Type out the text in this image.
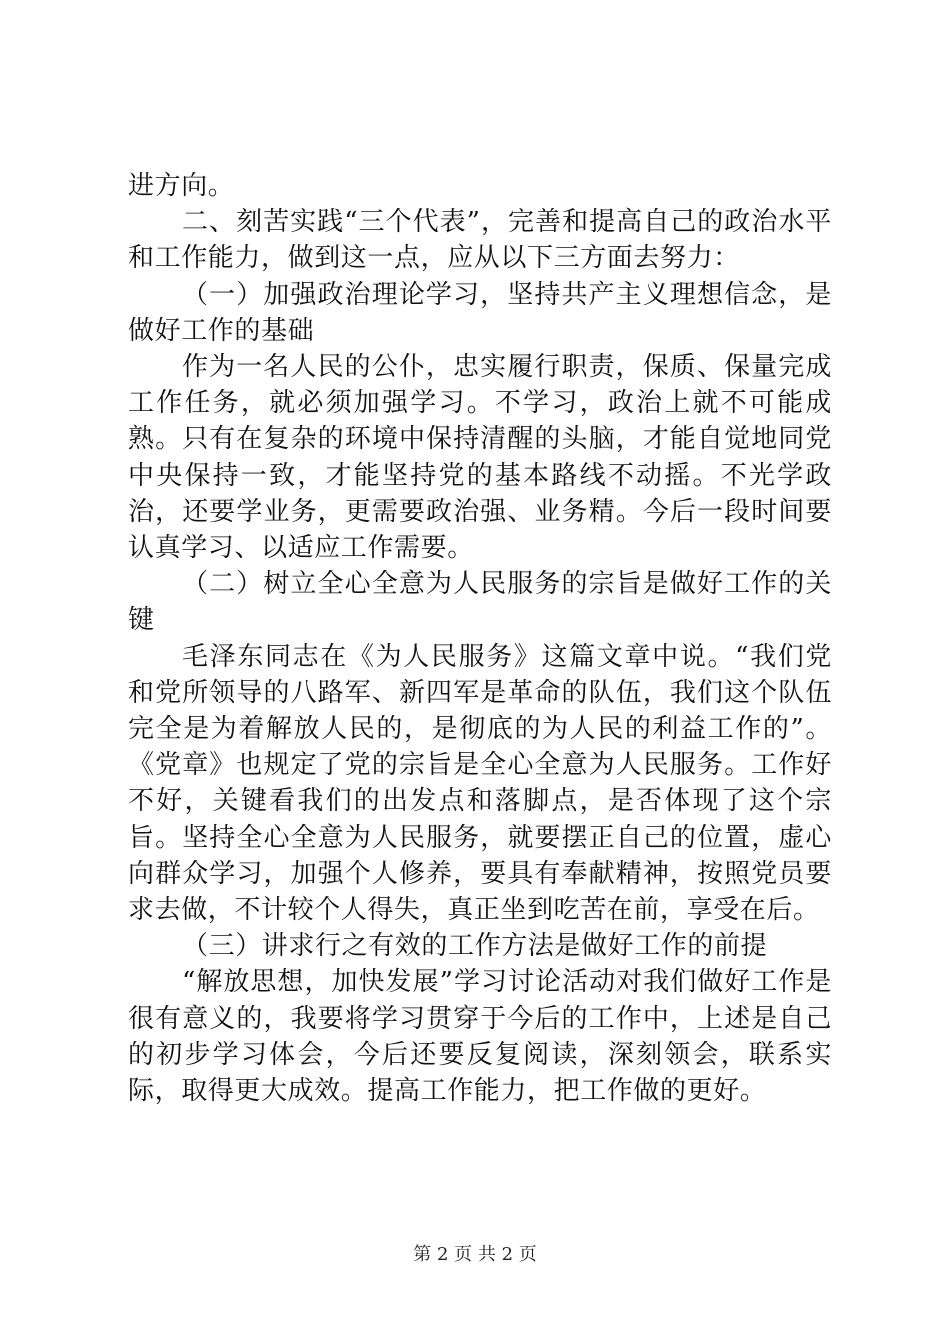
进方向。

二、刻苦实践“三个代表”，完善和提高自己的政治水平和工作能力，做到这一点，应从以下三方面去努力：

（一）加强政治理论学习，坚持共产主义理想信念，是做好工作的基础

作为一名人民的公仆，忠实履行职责，保质、保量完成工作任务，就必须加强学习。不学习，政治上就不可能成熟。只有在复杂的环境中保持清醒的头脑，才能自觉地同党中央保持一致，才能坚持党的基本路线不动摇。不光学政治，还要学业务，更需要政治强、业务精。今后一段时间要认真学习、以适应工作需要。

（二）树立全心全意为人民服务的宗旨是做好工作的关键

毛泽东同志在《为人民服务》这篇文章中说。“我们党和党所领导的八路军、新四军是革命的队伍，我们这个队伍完全是为着解放人民的，是彻底的为人民的利益工作的”。《党章》也规定了党的宗旨是全心全意为人民服务。工作好不好，关键看我们的出发点和落脚点，是否体现了这个宗旨。坚持全心全意为人民服务，就要摆正自己的位置，虚心向群众学习，加强个人修养，要具有奉献精神，按照党员要求去做，不计较个人得失，真正坐到吃苦在前，享受在后。

（三）讲求行之有效的工作方法是做好工作的前提

“解放思想，加快发展”学习讨论活动对我们做好工作是很有意义的，我要将学习贯穿于今后的工作中，上述是自己的初步学习体会，今后还要反复阅读，深刻领会，联系实际，取得更大成效。提高工作能力，把工作做的更好。

第 2 页 共 2 页
